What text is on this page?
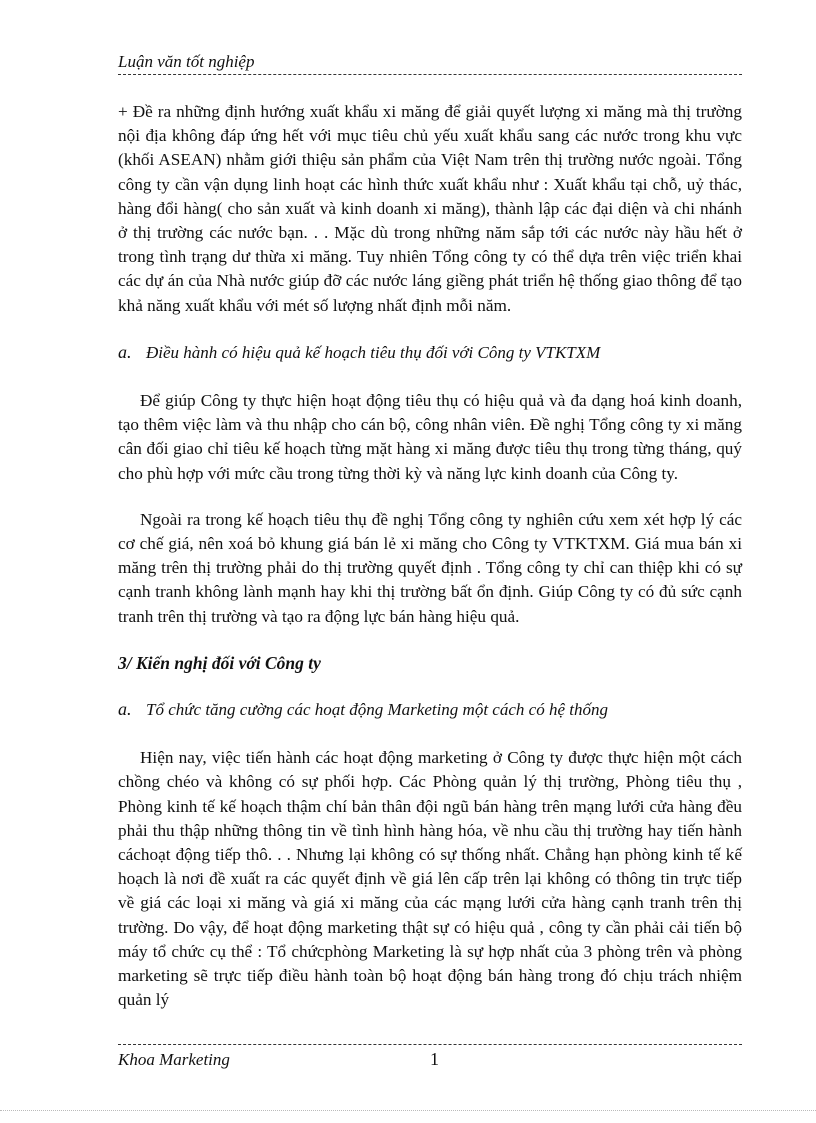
Luận văn tốt nghiệp

+ Đề ra những định hướng xuất khẩu xi măng để giải quyết lượng xi măng mà thị trường nội địa không đáp ứng hết với mục tiêu chủ yếu xuất khẩu sang các nước trong khu vực (khối ASEAN) nhằm giới thiệu sản phẩm của Việt Nam trên thị trường nước ngoài. Tổng công ty cần vận dụng linh hoạt các hình thức xuất khẩu như : Xuất khẩu tại chỗ, uỷ thác, hàng đổi hàng( cho sản xuất và kinh doanh xi măng), thành lập các đại diện và chi nhánh ở thị trường các nước bạn. . . Mặc dù trong những năm sắp tới các nước này hầu hết ở trong tình trạng dư thừa xi măng. Tuy nhiên Tổng công ty có thể dựa trên việc triển khai các dự án của Nhà nước giúp đỡ các nước láng giềng phát triển hệ thống giao thông để tạo khả năng xuất khẩu với mét số lượng nhất định mỗi năm.

a. Điều hành có hiệu quả kế hoạch tiêu thụ đối với Công ty VTKTXM

Để giúp Công ty thực hiện hoạt động tiêu thụ có hiệu quả và đa dạng hoá kinh doanh, tạo thêm việc làm và thu nhập cho cán bộ, công nhân viên. Đề nghị Tổng công ty xi măng cân đối giao chỉ tiêu kế hoạch từng mặt hàng xi măng được tiêu thụ trong từng tháng, quý cho phù hợp với mức cầu trong từng thời kỳ và năng lực kinh doanh của Công ty.

Ngoài ra trong kế hoạch tiêu thụ đề nghị Tổng công ty nghiên cứu xem xét hợp lý các cơ chế giá, nên xoá bỏ khung giá bán lẻ xi măng cho Công ty VTKTXM. Giá mua bán xi măng trên thị trường phải do thị trường quyết định . Tổng công ty chỉ can thiệp khi có sự cạnh tranh không lành mạnh hay khi thị trường bất ổn định. Giúp Công ty có đủ sức cạnh tranh trên thị trường và tạo ra động lực bán hàng hiệu quả.

3/ Kiến nghị đối với Công ty
a. Tổ chức tăng cường các hoạt động Marketing một cách có hệ thống

Hiện nay, việc tiến hành các hoạt động marketing ở Công ty được thực hiện một cách chồng chéo và không có sự phối hợp. Các Phòng quản lý thị trường, Phòng tiêu thụ , Phòng kinh tế kế hoạch thậm chí bản thân đội ngũ bán hàng trên mạng lưới cửa hàng đều phải thu thập những thông tin về tình hình hàng hóa, về nhu cầu thị trường hay tiến hành cáchoạt động tiếp thô. . . Nhưng lại không có sự thống nhất. Chẳng hạn phòng kinh tế kế hoạch là nơi đề xuất ra các quyết định về giá lên cấp trên lại không có thông tin trực tiếp về giá các loại xi măng và giá xi măng của các mạng lưới cửa hàng cạnh tranh trên thị trường. Do vậy, để hoạt động marketing thật sự có hiệu quả , công ty cần phải cải tiến bộ máy tổ chức cụ thể : Tổ chứcphòng Marketing là sự hợp nhất của 3 phòng trên và phòng marketing sẽ trực tiếp điều hành toàn bộ hoạt động bán hàng trong đó chịu trách nhiệm quản lý

Khoa Marketing	1
